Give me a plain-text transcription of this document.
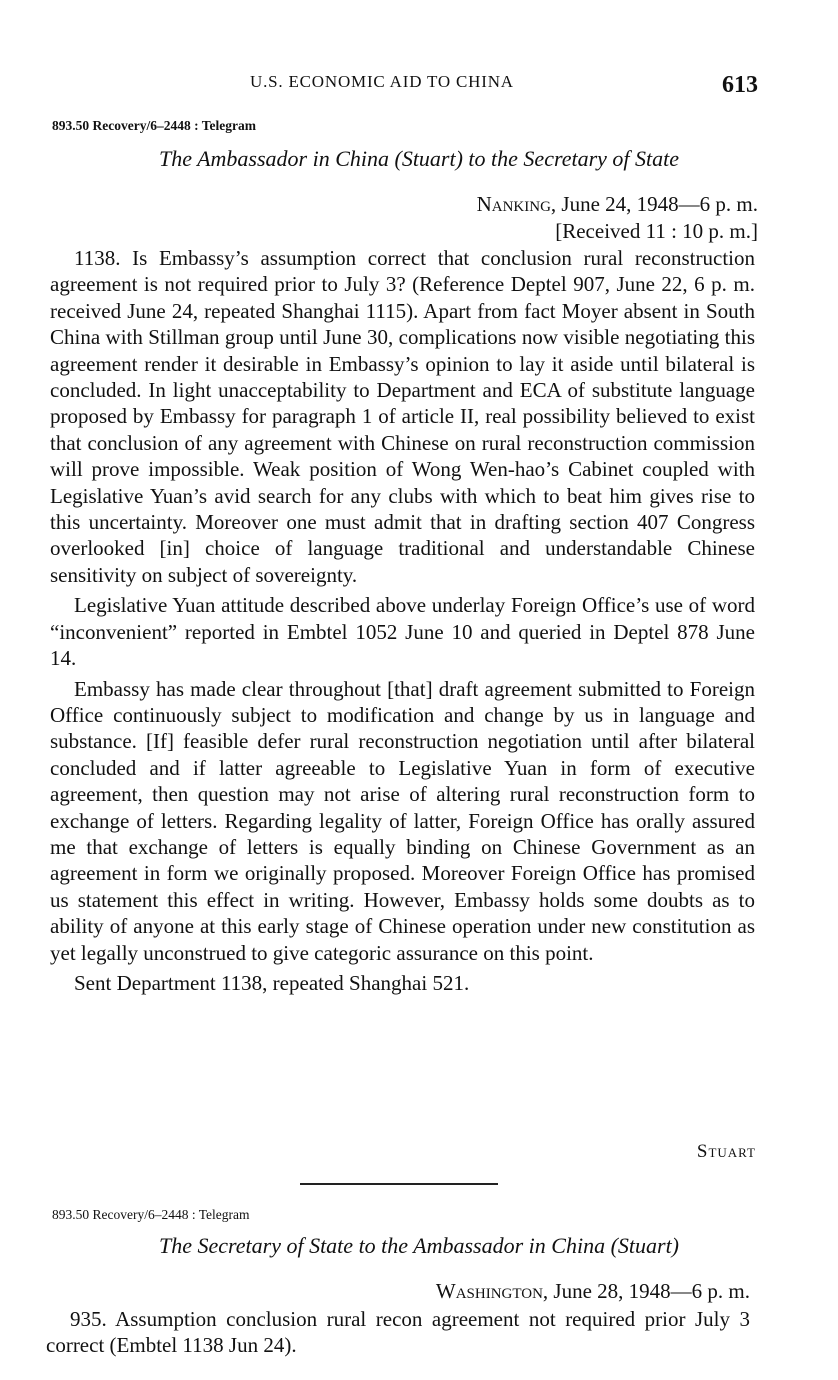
U.S. ECONOMIC AID TO CHINA	613
893.50 Recovery/6–2448 : Telegram
The Ambassador in China (Stuart) to the Secretary of State
Nanking, June 24, 1948—6 p. m.
[Received 11 : 10 p. m.]

1138. Is Embassy’s assumption correct that conclusion rural reconstruction agreement is not required prior to July 3? (Reference Deptel 907, June 22, 6 p. m. received June 24, repeated Shanghai 1115). Apart from fact Moyer absent in South China with Stillman group until June 30, complications now visible negotiating this agreement render it desirable in Embassy’s opinion to lay it aside until bilateral is concluded. In light unacceptability to Department and ECA of substitute language proposed by Embassy for paragraph 1 of article II, real possibility believed to exist that conclusion of any agreement with Chinese on rural reconstruction commission will prove impossible. Weak position of Wong Wen-hao’s Cabinet coupled with Legislative Yuan’s avid search for any clubs with which to beat him gives rise to this uncertainty. Moreover one must admit that in drafting section 407 Congress overlooked [in] choice of language traditional and understandable Chinese sensitivity on subject of sovereignty.

Legislative Yuan attitude described above underlay Foreign Office’s use of word “inconvenient” reported in Embtel 1052 June 10 and queried in Deptel 878 June 14.

Embassy has made clear throughout [that] draft agreement submitted to Foreign Office continuously subject to modification and change by us in language and substance. [If] feasible defer rural reconstruction negotiation until after bilateral concluded and if latter agreeable to Legislative Yuan in form of executive agreement, then question may not arise of altering rural reconstruction form to exchange of letters. Regarding legality of latter, Foreign Office has orally assured me that exchange of letters is equally binding on Chinese Government as an agreement in form we originally proposed. Moreover Foreign Office has promised us statement this effect in writing. However, Embassy holds some doubts as to ability of anyone at this early stage of Chinese operation under new constitution as yet legally unconstrued to give categoric assurance on this point.

Sent Department 1138, repeated Shanghai 521.

Stuart
893.50 Recovery/6–2448 : Telegram
The Secretary of State to the Ambassador in China (Stuart)
Washington, June 28, 1948—6 p. m.

935. Assumption conclusion rural recon agreement not required prior July 3 correct (Embtel 1138 Jun 24).
